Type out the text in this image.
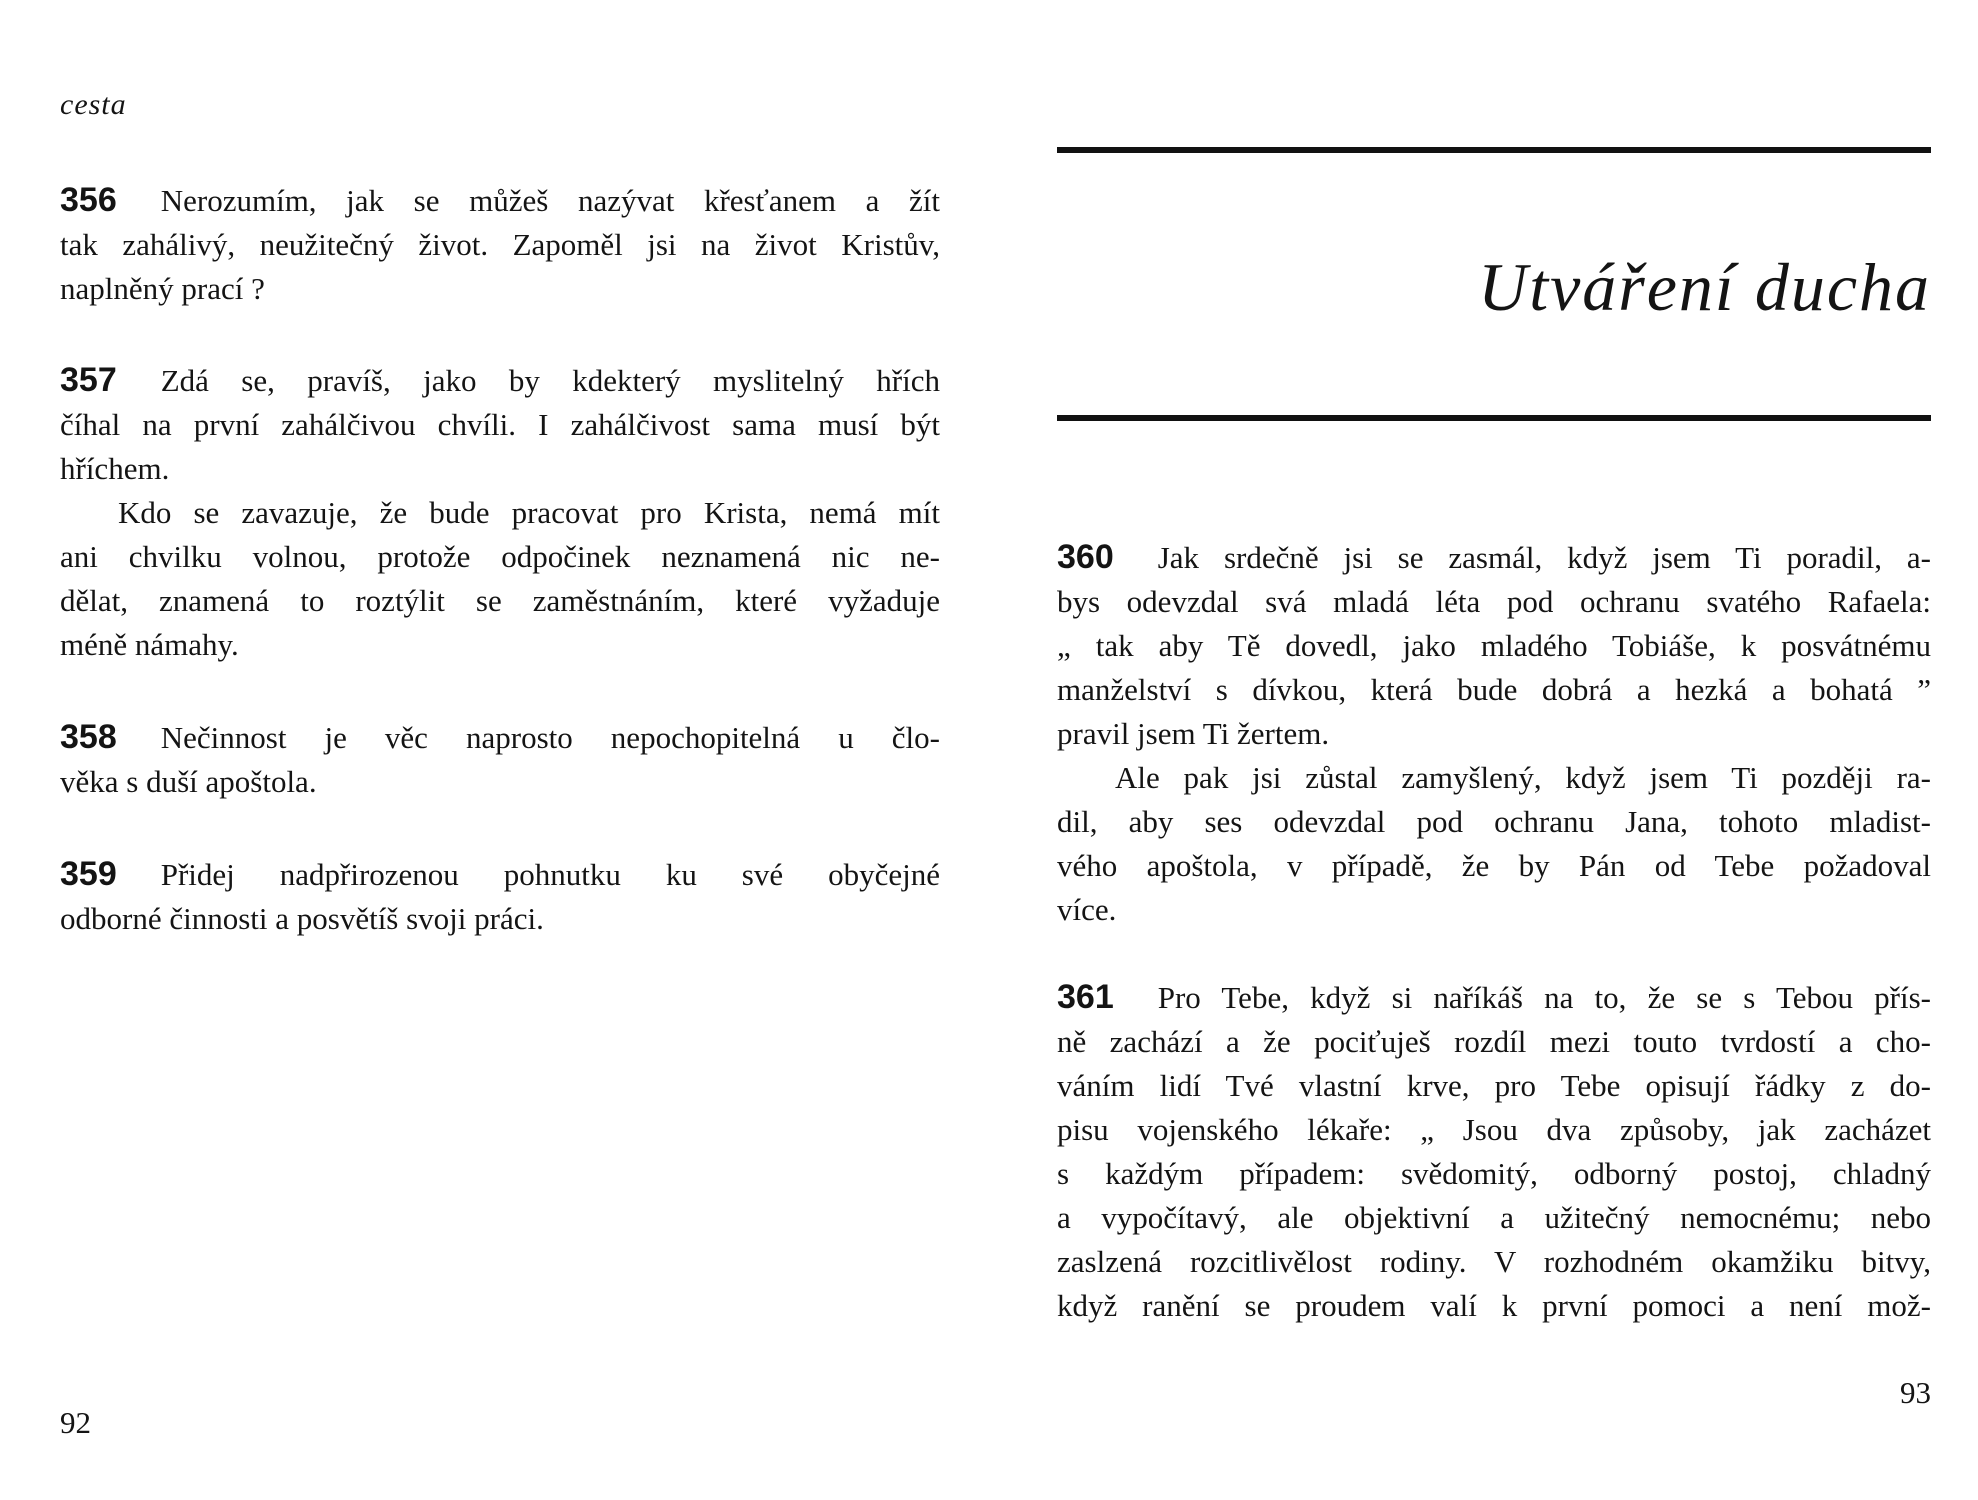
cesta
356 Nerozumím, jak se můžeš nazývat křesťanem a žít
tak zahálivý, neužitečný život. Zapoměl jsi na život Kristův,
naplněný prací ?
357 Zdá se, pravíš, jako by kdekterý myslitelný hřích
číhal na první zahálčivou chvíli. I zahálčivost sama musí být
hříchem.
Kdo se zavazuje, že bude pracovat pro Krista, nemá mít
ani chvilku volnou, protože odpočinek neznamená nic ne-
dělat, znamená to roztýlit se zaměstnáním, které vyžaduje
méně námahy.
358 Nečinnost je věc naprosto nepochopitelná u člo-
věka s duší apoštola.
359 Přidej nadpřirozenou pohnutku ku své obyčejné
odborné činnosti a posvětíš svoji práci.
92
Utváření ducha
360 Jak srdečně jsi se zasmál, když jsem Ti poradil, a-
bys odevzdal svá mladá léta pod ochranu svatého Rafaela:
„ tak aby Tě dovedl, jako mladého Tobiáše, k posvátnému
manželství s dívkou, která bude dobrá a hezká a bohatá ”
pravil jsem Ti žertem.
Ale pak jsi zůstal zamyšlený, když jsem Ti později ra-
dil, aby ses odevzdal pod ochranu Jana, tohoto mladist-
vého apoštola, v případě, že by Pán od Tebe požadoval
více.
361 Pro Tebe, když si naříkáš na to, že se s Tebou přís-
ně zachází a že pociťuješ rozdíl mezi touto tvrdostí a cho-
váním lidí Tvé vlastní krve, pro Tebe opisují řádky z do-
pisu vojenského lékaře: „ Jsou dva způsoby, jak zacházet
s každým případem: svědomitý, odborný postoj, chladný
a vypočítavý, ale objektivní a užitečný nemocnému; nebo
zaslzená rozcitlivělost rodiny. V rozhodném okamžiku bitvy,
když ranění se proudem valí k první pomoci a není mož-
93
